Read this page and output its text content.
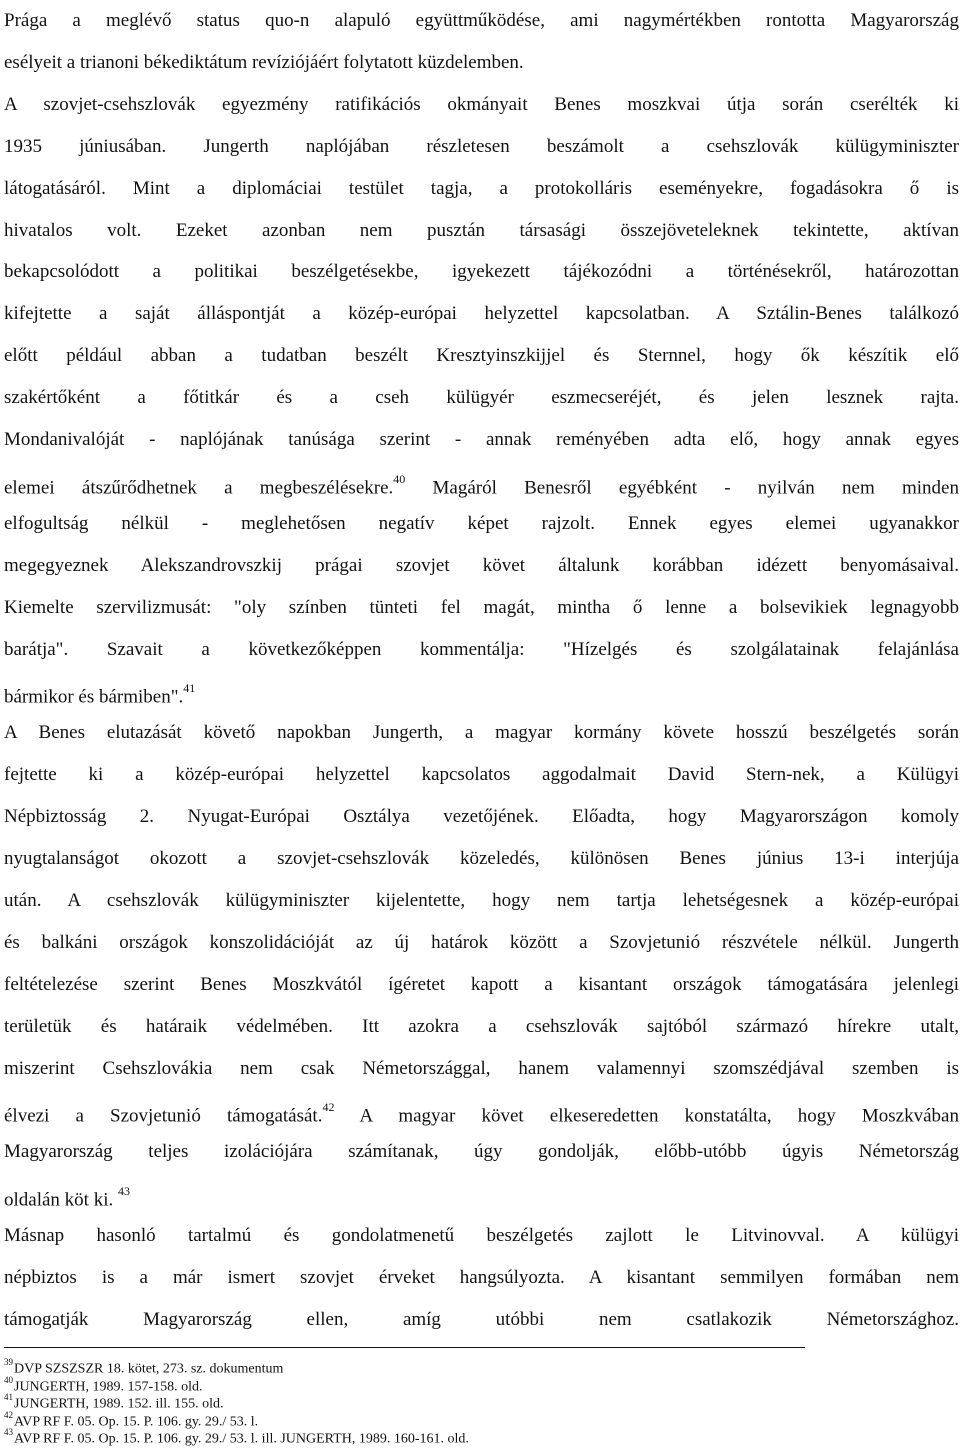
Prága a meglévő status quo-n alapuló együttműködése, ami nagymértékben rontotta Magyarország
esélyeit a trianoni békediktátum revíziójáért folytatott küzdelemben.
A szovjet-csehszlovák egyezmény ratifikációs okmányait Benes moszkvai útja során cserélték ki
1935 júniusában. Jungerth naplójában részletesen beszámolt a csehszlovák külügyminiszter
látogatásáról. Mint a diplomáciai testület tagja, a protokolláris eseményekre, fogadásokra ő is
hivatalos volt. Ezeket azonban nem pusztán társasági összejöveteleknek tekintette, aktívan
bekapcsolódott a politikai beszélgetésekbe, igyekezett tájékozódni a történésekről, határozottan
kifejtette a saját álláspontját a közép-európai helyzettel kapcsolatban. A Sztálin-Benes találkozó
előtt például abban a tudatban beszélt Kresztyinszkijjel és Sternnel, hogy ők készítik elő
szakértőként a főtitkár és a cseh külügyér eszmecseréjét, és jelen lesznek rajta.
Mondanivalóját - naplójának tanúsága szerint - annak reményében adta elő, hogy annak egyes
elemei átszűrődhetnek a megbeszélésekre.$^{40}$ Magáról Benesről egyébként - nyilván nem minden
elfogultság nélkül - meglehetősen negatív képet rajzolt. Ennek egyes elemei ugyanakkor
megegyeznek Alekszandrovszkij prágai szovjet követ általunk korábban idézett benyomásaival.
Kiemelte szervilizmusát: "oly színben tünteti fel magát, mintha ő lenne a bolsevikiek legnagyobb
barátja". Szavait a következőképpen kommentálja: "Hízelgés és szolgálatainak felajánlása
bármikor és bármiben".$^{41}$
A Benes elutazását követő napokban Jungerth, a magyar kormány követe hosszú beszélgetés során
fejtette ki a közép-európai helyzettel kapcsolatos aggodalmait David Stern-nek, a Külügyi
Népbiztosság 2. Nyugat-Európai Osztálya vezetőjének. Előadta, hogy Magyarországon komoly
nyugtalanságot okozott a szovjet-csehszlovák közeledés, különösen Benes június 13-i interjúja
után. A csehszlovák külügyminiszter kijelentette, hogy nem tartja lehetségesnek a közép-európai
és balkáni országok konszolidációját az új határok között a Szovjetunió részvétele nélkül. Jungerth
feltételezése szerint Benes Moszkvától ígéretet kapott a kisantant országok támogatására jelenlegi
területük és határaik védelmében. Itt azokra a csehszlovák sajtóból származó hírekre utalt,
miszerint Csehszlovákia nem csak Németországgal, hanem valamennyi szomszédjával szemben is
élvezi a Szovjetunió támogatását.$^{42}$ A magyar követ elkeseredetten konstatálta, hogy Moszkvában
Magyarország teljes izolációjára számítanak, úgy gondolják, előbb-utóbb úgyis Németország
oldalán köt ki. $^{43}$
Másnap hasonló tartalmú és gondolatmenetű beszélgetés zajlott le Litvinovval. A külügyi
népbiztos is a már ismert szovjet érveket hangsúlyozta. A kisantant semmilyen formában nem
támogatják Magyarország ellen, amíg utóbbi nem csatlakozik Németországhoz.
$^{39}$DVP SZSZSZR 18. kötet, 273. sz. dokumentum
$^{40}$JUNGERTH, 1989. 157-158. old.
$^{41}$JUNGERTH, 1989. 152. ill. 155. old.
$^{42}$AVP RF F. 05. Op. 15. P. 106. gy. 29./ 53. l.
$^{43}$AVP RF F. 05. Op. 15. P. 106. gy. 29./ 53. l. ill. JUNGERTH, 1989. 160-161. old.
